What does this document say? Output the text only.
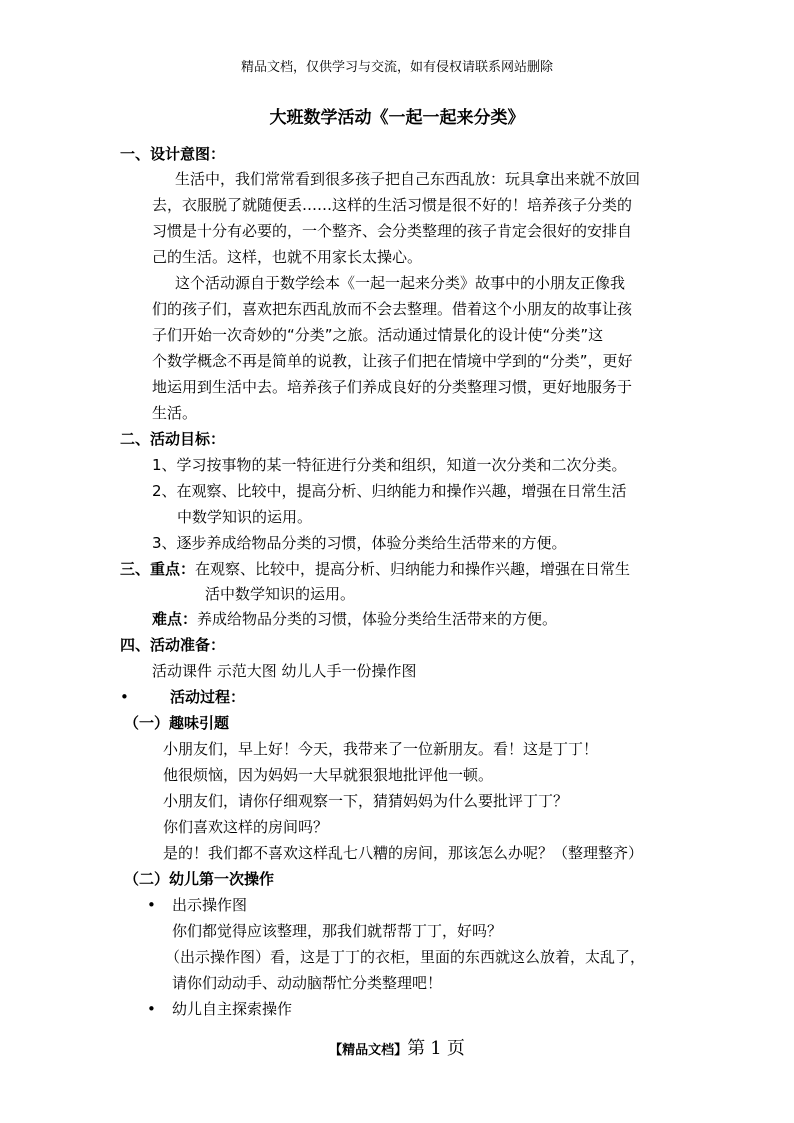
精品文档，仅供学习与交流，如有侵权请联系网站删除
大班数学活动《一起一起来分类》
一、设计意图：
生活中，我们常常看到很多孩子把自己东西乱放：玩具拿出来就不放回
去，衣服脱了就随便丢……这样的生活习惯是很不好的！培养孩子分类的
习惯是十分有必要的，一个整齐、会分类整理的孩子肯定会很好的安排自
己的生活。这样，也就不用家长太操心。
这个活动源自于数学绘本《一起一起来分类》故事中的小朋友正像我
们的孩子们，喜欢把东西乱放而不会去整理。借着这个小朋友的故事让孩
子们开始一次奇妙的“分类”之旅。活动通过情景化的设计使“分类”这
个数学概念不再是简单的说教，让孩子们把在情境中学到的“分类”，更好
地运用到生活中去。培养孩子们养成良好的分类整理习惯，更好地服务于
生活。
二、活动目标：
1、学习按事物的某一特征进行分类和组织，知道一次分类和二次分类。
2、在观察、比较中，提高分析、归纳能力和操作兴趣，增强在日常生活
中数学知识的运用。
3、逐步养成给物品分类的习惯，体验分类给生活带来的方便。
三、重点：在观察、比较中，提高分析、归纳能力和操作兴趣，增强在日常生
活中数学知识的运用。
难点：养成给物品分类的习惯，体验分类给生活带来的方便。
四、活动准备：
活动课件 示范大图 幼儿人手一份操作图
•	活动过程：
（一）趣味引题
小朋友们，早上好！今天，我带来了一位新朋友。看！这是丁丁！
他很烦恼，因为妈妈一大早就狠狠地批评他一顿。
小朋友们，请你仔细观察一下，猜猜妈妈为什么要批评丁丁？
你们喜欢这样的房间吗？
是的！我们都不喜欢这样乱七八糟的房间，那该怎么办呢？（整理整齐）
（二）幼儿第一次操作
• 出示操作图
你们都觉得应该整理，那我们就帮帮丁丁，好吗？
（出示操作图）看，这是丁丁的衣柜，里面的东西就这么放着，太乱了，
请你们动动手、动动脑帮忙分类整理吧！
• 幼儿自主探索操作
【精品文档】第 1 页
